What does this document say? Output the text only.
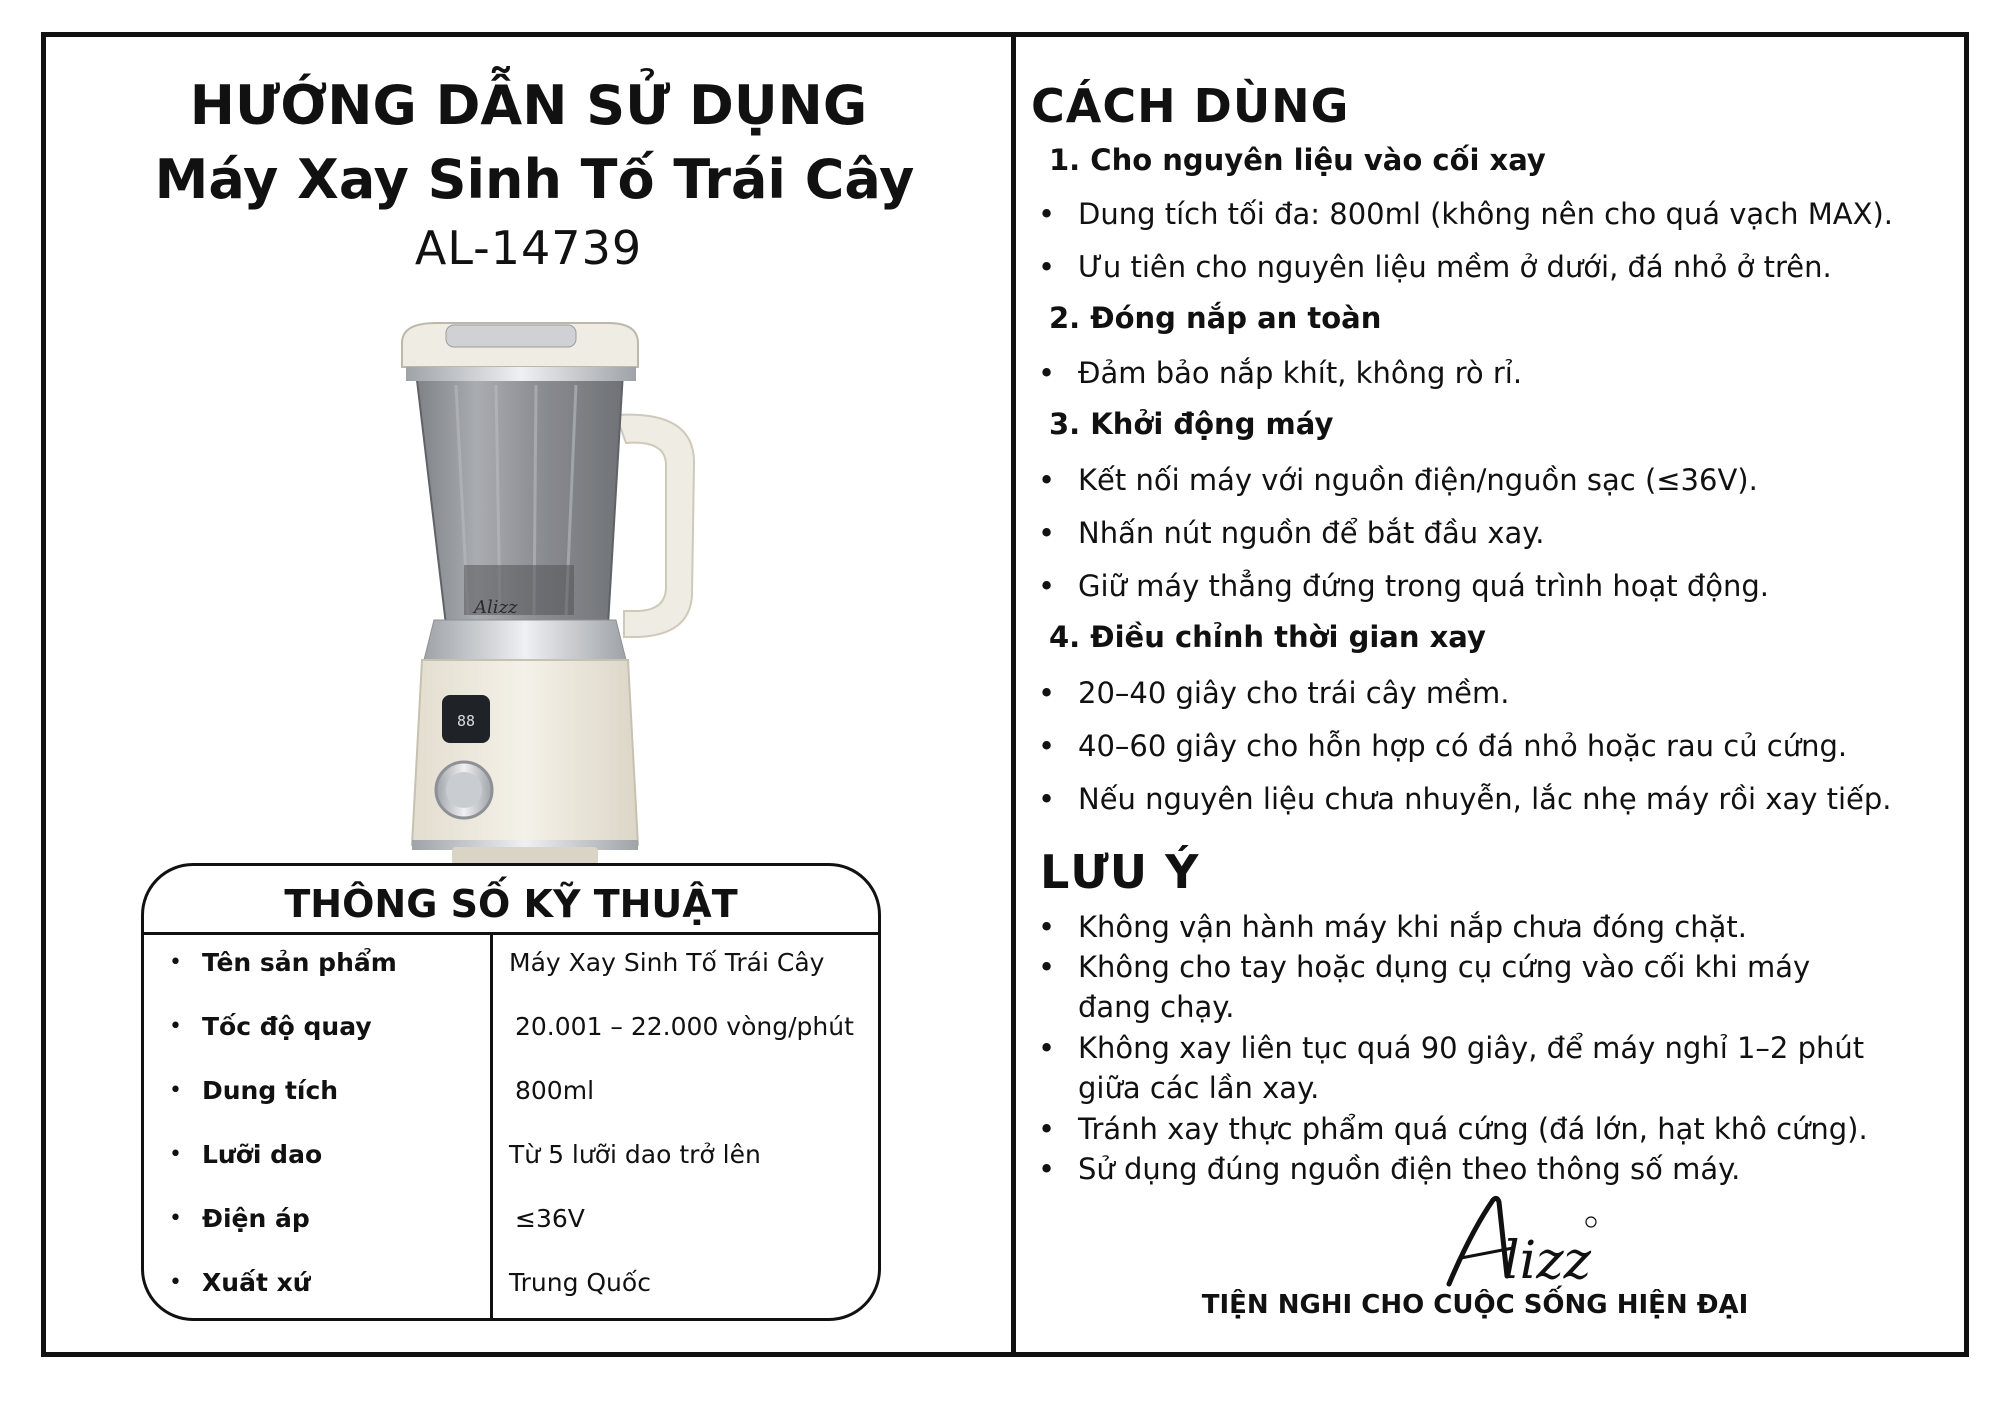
HƯỚNG DẪN SỬ DỤNG
Máy Xay Sinh Tố Trái Cây
AL-14739
88
Alizz
THÔNG SỐ KỸ THUẬT
• Tên sản phẩm	Máy Xay Sinh Tố Trái Cây
• Tốc độ quay	20.001 – 22.000 vòng/phút
• Dung tích	800ml
• Lưỡi dao	Từ 5 lưỡi dao trở lên
• Điện áp	≤36V
• Xuất xứ	Trung Quốc
CÁCH DÙNG
1. Cho nguyên liệu vào cối xay
• Dung tích tối đa: 800ml (không nên cho quá vạch MAX).
• Ưu tiên cho nguyên liệu mềm ở dưới, đá nhỏ ở trên.
2. Đóng nắp an toàn
• Đảm bảo nắp khít, không rò rỉ.
3. Khởi động máy
• Kết nối máy với nguồn điện/nguồn sạc (≤36V).
• Nhấn nút nguồn để bắt đầu xay.
• Giữ máy thẳng đứng trong quá trình hoạt động.
4. Điều chỉnh thời gian xay
• 20–40 giây cho trái cây mềm.
• 40–60 giây cho hỗn hợp có đá nhỏ hoặc rau củ cứng.
• Nếu nguyên liệu chưa nhuyễn, lắc nhẹ máy rồi xay tiếp.
LƯU Ý
• Không vận hành máy khi nắp chưa đóng chặt.
• Không cho tay hoặc dụng cụ cứng vào cối khi máy đang chạy.
• Không xay liên tục quá 90 giây, để máy nghỉ 1–2 phút giữa các lần xay.
• Tránh xay thực phẩm quá cứng (đá lớn, hạt khô cứng).
• Sử dụng đúng nguồn điện theo thông số máy.
lizz
TIỆN NGHI CHO CUỘC SỐNG HIỆN ĐẠI
